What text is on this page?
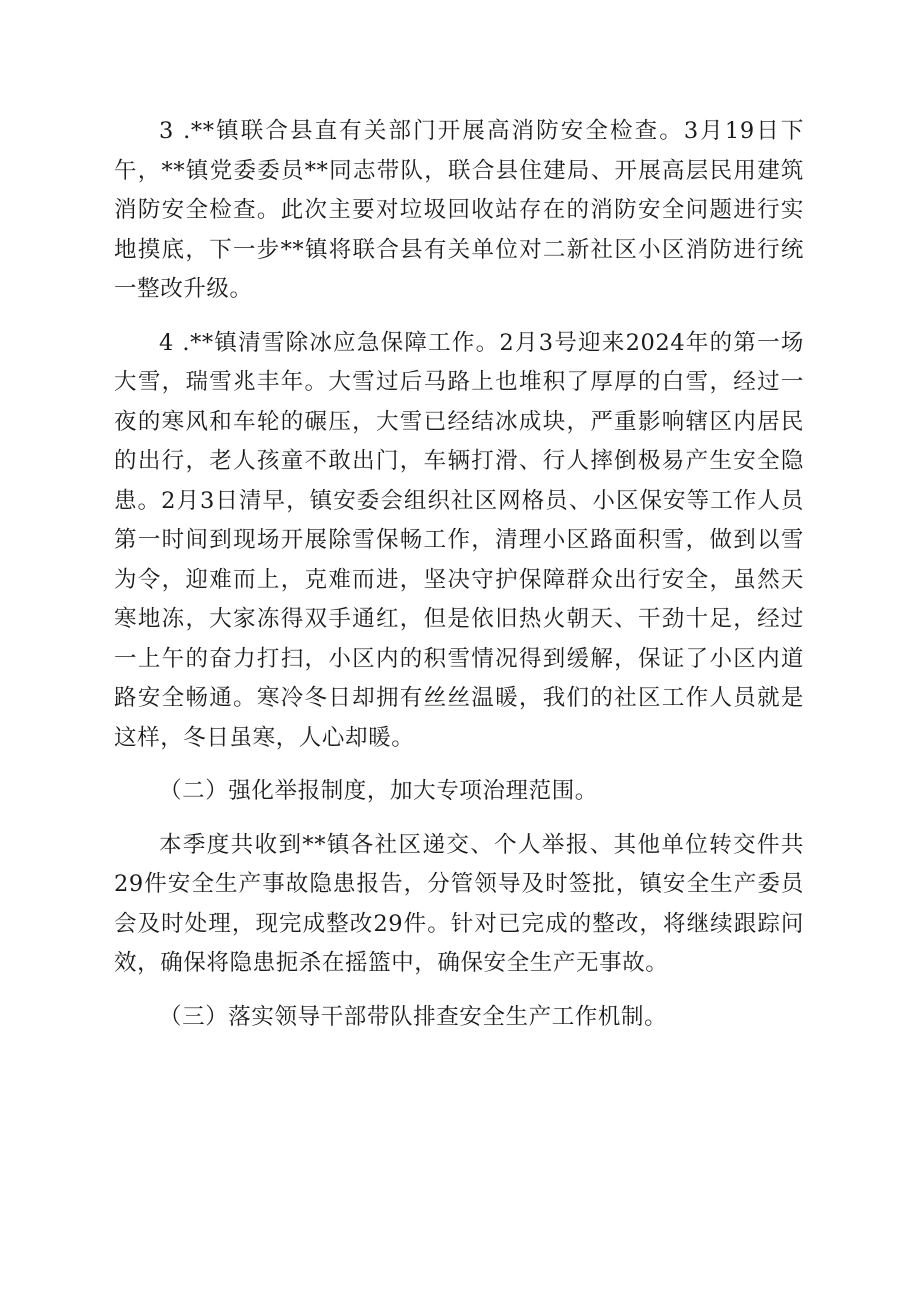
3 .**镇联合县直有关部门开展高消防安全检查。3月19日下午，**镇党委委员**同志带队，联合县住建局、开展高层民用建筑消防安全检查。此次主要对垃圾回收站存在的消防安全问题进行实地摸底，下一步**镇将联合县有关单位对二新社区小区消防进行统一整改升级。

4 .**镇清雪除冰应急保障工作。2月3号迎来2024年的第一场大雪，瑞雪兆丰年。大雪过后马路上也堆积了厚厚的白雪，经过一夜的寒风和车轮的碾压，大雪已经结冰成块，严重影响辖区内居民的出行，老人孩童不敢出门，车辆打滑、行人摔倒极易产生安全隐患。2月3日清早，镇安委会组织社区网格员、小区保安等工作人员第一时间到现场开展除雪保畅工作，清理小区路面积雪，做到以雪为令，迎难而上，克难而进，坚决守护保障群众出行安全，虽然天寒地冻，大家冻得双手通红，但是依旧热火朝天、干劲十足，经过一上午的奋力打扫，小区内的积雪情况得到缓解，保证了小区内道路安全畅通。寒冷冬日却拥有丝丝温暖，我们的社区工作人员就是这样，冬日虽寒，人心却暖。

（二）强化举报制度，加大专项治理范围。

本季度共收到**镇各社区递交、个人举报、其他单位转交件共29件安全生产事故隐患报告，分管领导及时签批，镇安全生产委员会及时处理，现完成整改29件。针对已完成的整改，将继续跟踪问效，确保将隐患扼杀在摇篮中，确保安全生产无事故。

（三）落实领导干部带队排查安全生产工作机制。
